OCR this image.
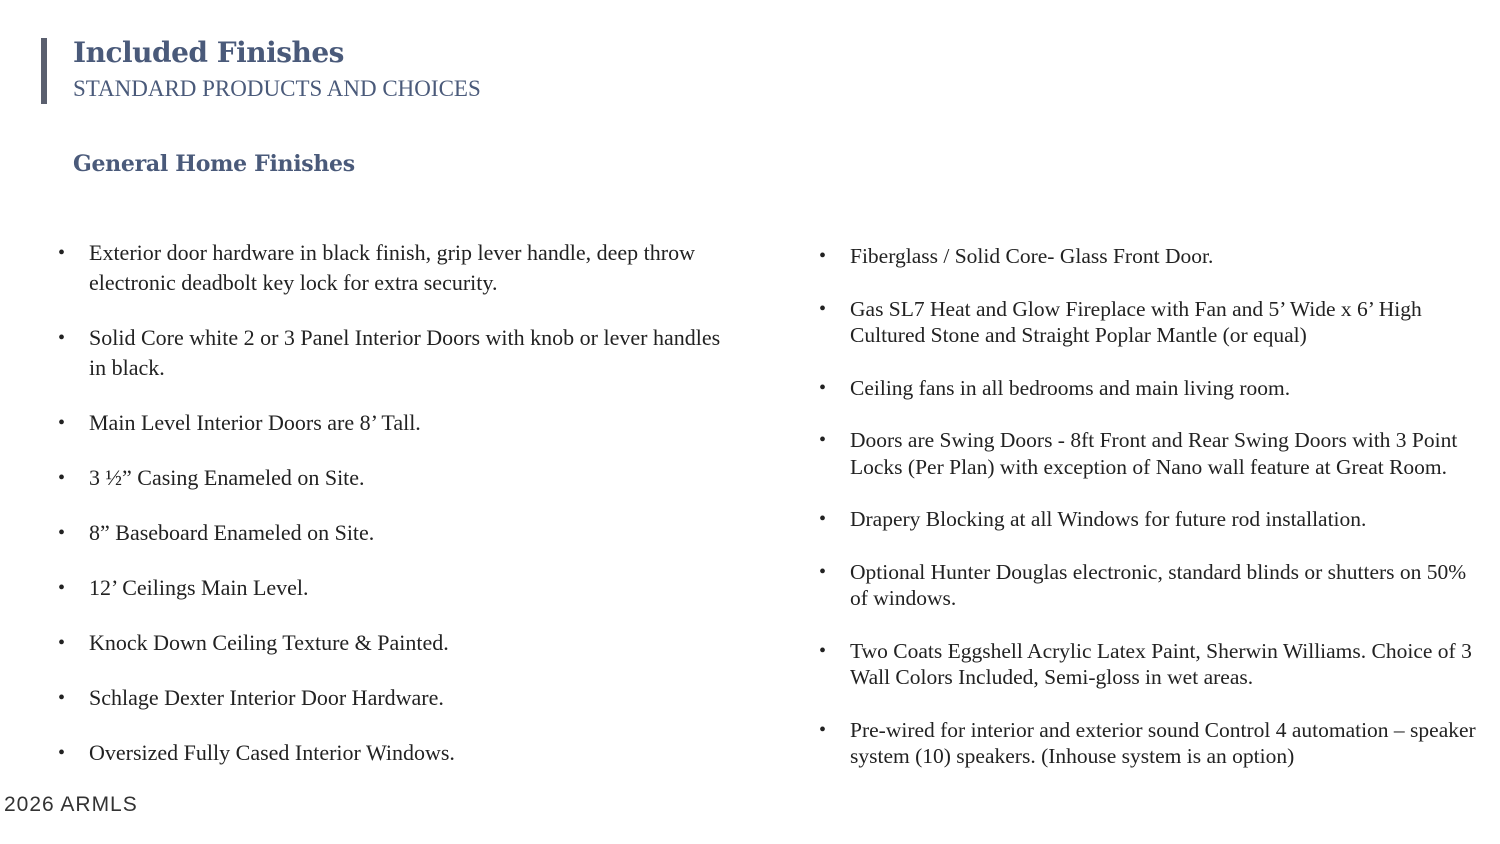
Included Finishes
STANDARD PRODUCTS AND CHOICES
General Home Finishes
• Exterior door hardware in black finish, grip lever handle, deep throw electronic deadbolt key lock for extra security.
• Solid Core white 2 or 3 Panel Interior Doors with knob or lever handles in black.
• Main Level Interior Doors are 8’ Tall.
• 3 ½” Casing Enameled on Site.
• 8” Baseboard Enameled on Site.
• 12’ Ceilings Main Level.
• Knock Down Ceiling Texture & Painted.
• Schlage Dexter Interior Door Hardware.
• Oversized Fully Cased Interior Windows.
• Fiberglass / Solid Core- Glass Front Door.
• Gas SL7 Heat and Glow Fireplace with Fan and 5’ Wide x 6’ High Cultured Stone and Straight Poplar Mantle (or equal)
• Ceiling fans in all bedrooms and main living room.
• Doors are Swing Doors - 8ft Front and Rear Swing Doors with 3 Point Locks (Per Plan) with exception of Nano wall feature at Great Room.
• Drapery Blocking at all Windows for future rod installation.
• Optional Hunter Douglas electronic, standard blinds or shutters on 50% of windows.
• Two Coats Eggshell Acrylic Latex Paint, Sherwin Williams. Choice of 3 Wall Colors Included, Semi-gloss in wet areas.
• Pre-wired for interior and exterior sound Control 4 automation – speaker system (10) speakers. (Inhouse system is an option)
2026 ARMLS
